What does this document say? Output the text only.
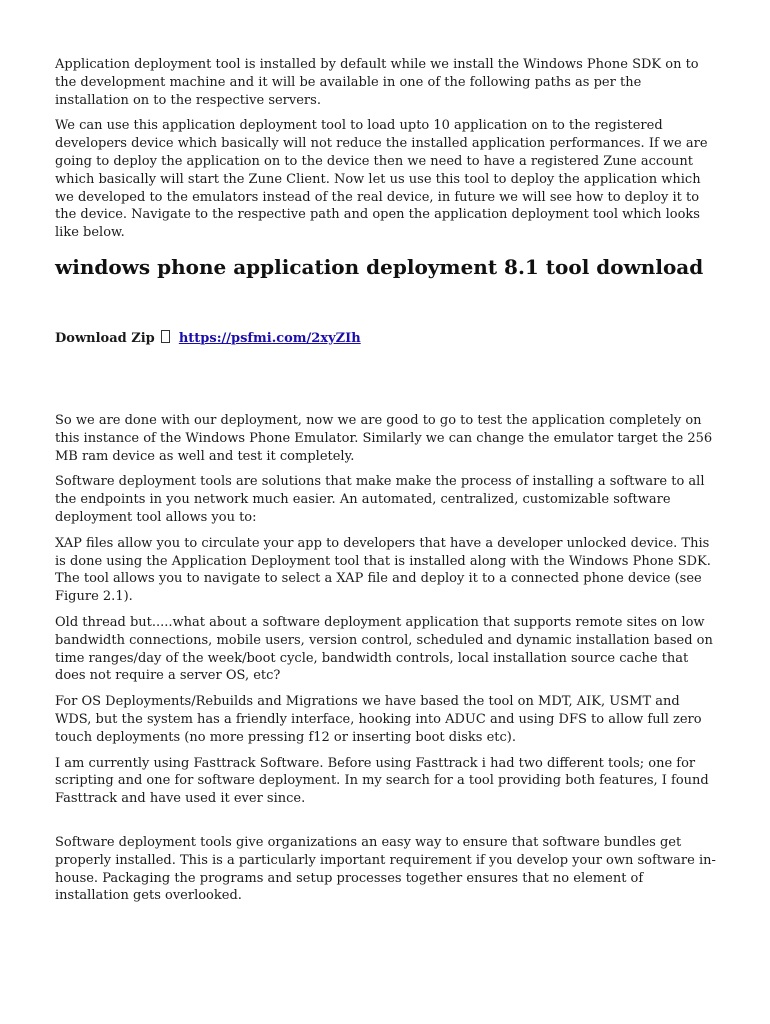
Application deployment tool is installed by default while we install the Windows Phone SDK on to the development machine and it will be available in one of the following paths as per the installation on to the respective servers.

We can use this application deployment tool to load upto 10 application on to the registered developers device which basically will not reduce the installed application performances. If we are going to deploy the application on to the device then we need to have a registered Zune account which basically will start the Zune Client. Now let us use this tool to deploy the application which we developed to the emulators instead of the real device, in future we will see how to deploy it to the device. Navigate to the respective path and open the application deployment tool which looks like below.

windows phone application deployment 8.1 tool download
Download Zip https://psfmi.com/2xyZIh

So we are done with our deployment, now we are good to go to test the application completely on this instance of the Windows Phone Emulator. Similarly we can change the emulator target the 256 MB ram device as well and test it completely.

Software deployment tools are solutions that make make the process of installing a software to all the endpoints in you network much easier. An automated, centralized, customizable software deployment tool allows you to:

XAP files allow you to circulate your app to developers that have a developer unlocked device. This is done using the Application Deployment tool that is installed along with the Windows Phone SDK. The tool allows you to navigate to select a XAP file and deploy it to a connected phone device (see Figure 2.1).

Old thread but.....what about a software deployment application that supports remote sites on low bandwidth connections, mobile users, version control, scheduled and dynamic installation based on time ranges/day of the week/boot cycle, bandwidth controls, local installation source cache that does not require a server OS, etc?

For OS Deployments/Rebuilds and Migrations we have based the tool on MDT, AIK, USMT and WDS, but the system has a friendly interface, hooking into ADUC and using DFS to allow full zero touch deployments (no more pressing f12 or inserting boot disks etc).

I am currently using Fasttrack Software. Before using Fasttrack i had two different tools; one for scripting and one for software deployment. In my search for a tool providing both features, I found Fasttrack and have used it ever since.

Software deployment tools give organizations an easy way to ensure that software bundles get properly installed. This is a particularly important requirement if you develop your own software in-house. Packaging the programs and setup processes together ensures that no element of installation gets overlooked.
